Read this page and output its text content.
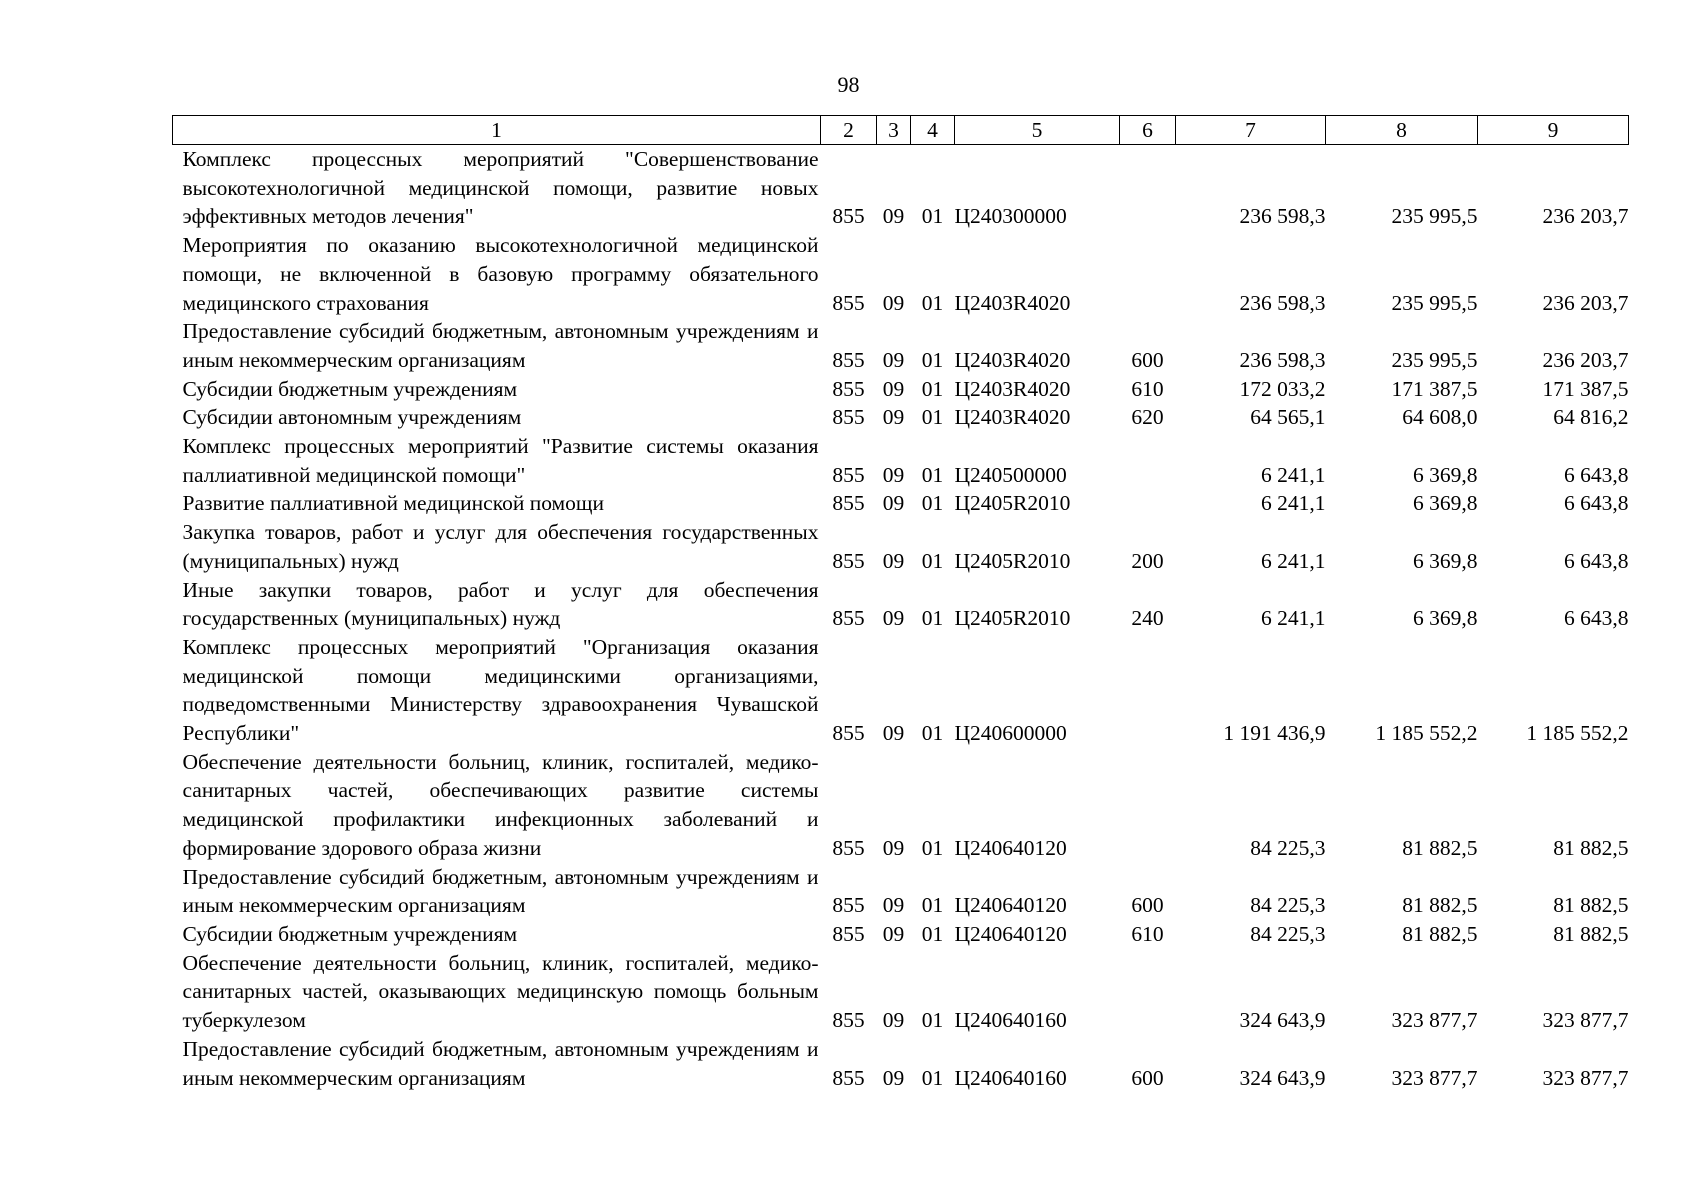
98
1	2	3	4	5	6	7	8	9
Комплекс процессных мероприятий "Совершенствование высокотехнологичной медицинской помощи, развитие новых эффективных методов лечения"	855	09	01	Ц240300000		236 598,3	235 995,5	236 203,7
Мероприятия по оказанию высокотехнологичной медицинской помощи, не включенной в базовую программу обязательного медицинского страхования	855	09	01	Ц2403R4020		236 598,3	235 995,5	236 203,7
Предоставление субсидий бюджетным, автономным учреждениям и иным некоммерческим организациям	855	09	01	Ц2403R4020	600	236 598,3	235 995,5	236 203,7
Субсидии бюджетным учреждениям	855	09	01	Ц2403R4020	610	172 033,2	171 387,5	171 387,5
Субсидии автономным учреждениям	855	09	01	Ц2403R4020	620	64 565,1	64 608,0	64 816,2
Комплекс процессных мероприятий "Развитие системы оказания паллиативной медицинской помощи"	855	09	01	Ц240500000		6 241,1	6 369,8	6 643,8
Развитие паллиативной медицинской помощи	855	09	01	Ц2405R2010		6 241,1	6 369,8	6 643,8
Закупка товаров, работ и услуг для обеспечения государственных (муниципальных) нужд	855	09	01	Ц2405R2010	200	6 241,1	6 369,8	6 643,8
Иные закупки товаров, работ и услуг для обеспечения государственных (муниципальных) нужд	855	09	01	Ц2405R2010	240	6 241,1	6 369,8	6 643,8
Комплекс процессных мероприятий "Организация оказания медицинской помощи медицинскими организациями, подведомственными Министерству здравоохранения Чувашской Республики"	855	09	01	Ц240600000		1 191 436,9	1 185 552,2	1 185 552,2
Обеспечение деятельности больниц, клиник, госпиталей, медико-санитарных частей, обеспечивающих развитие системы медицинской профилактики инфекционных заболеваний и формирование здорового образа жизни	855	09	01	Ц240640120		84 225,3	81 882,5	81 882,5
Предоставление субсидий бюджетным, автономным учреждениям и иным некоммерческим организациям	855	09	01	Ц240640120	600	84 225,3	81 882,5	81 882,5
Субсидии бюджетным учреждениям	855	09	01	Ц240640120	610	84 225,3	81 882,5	81 882,5
Обеспечение деятельности больниц, клиник, госпиталей, медико-санитарных частей, оказывающих медицинскую помощь больным туберкулезом	855	09	01	Ц240640160		324 643,9	323 877,7	323 877,7
Предоставление субсидий бюджетным, автономным учреждениям и иным некоммерческим организациям	855	09	01	Ц240640160	600	324 643,9	323 877,7	323 877,7
